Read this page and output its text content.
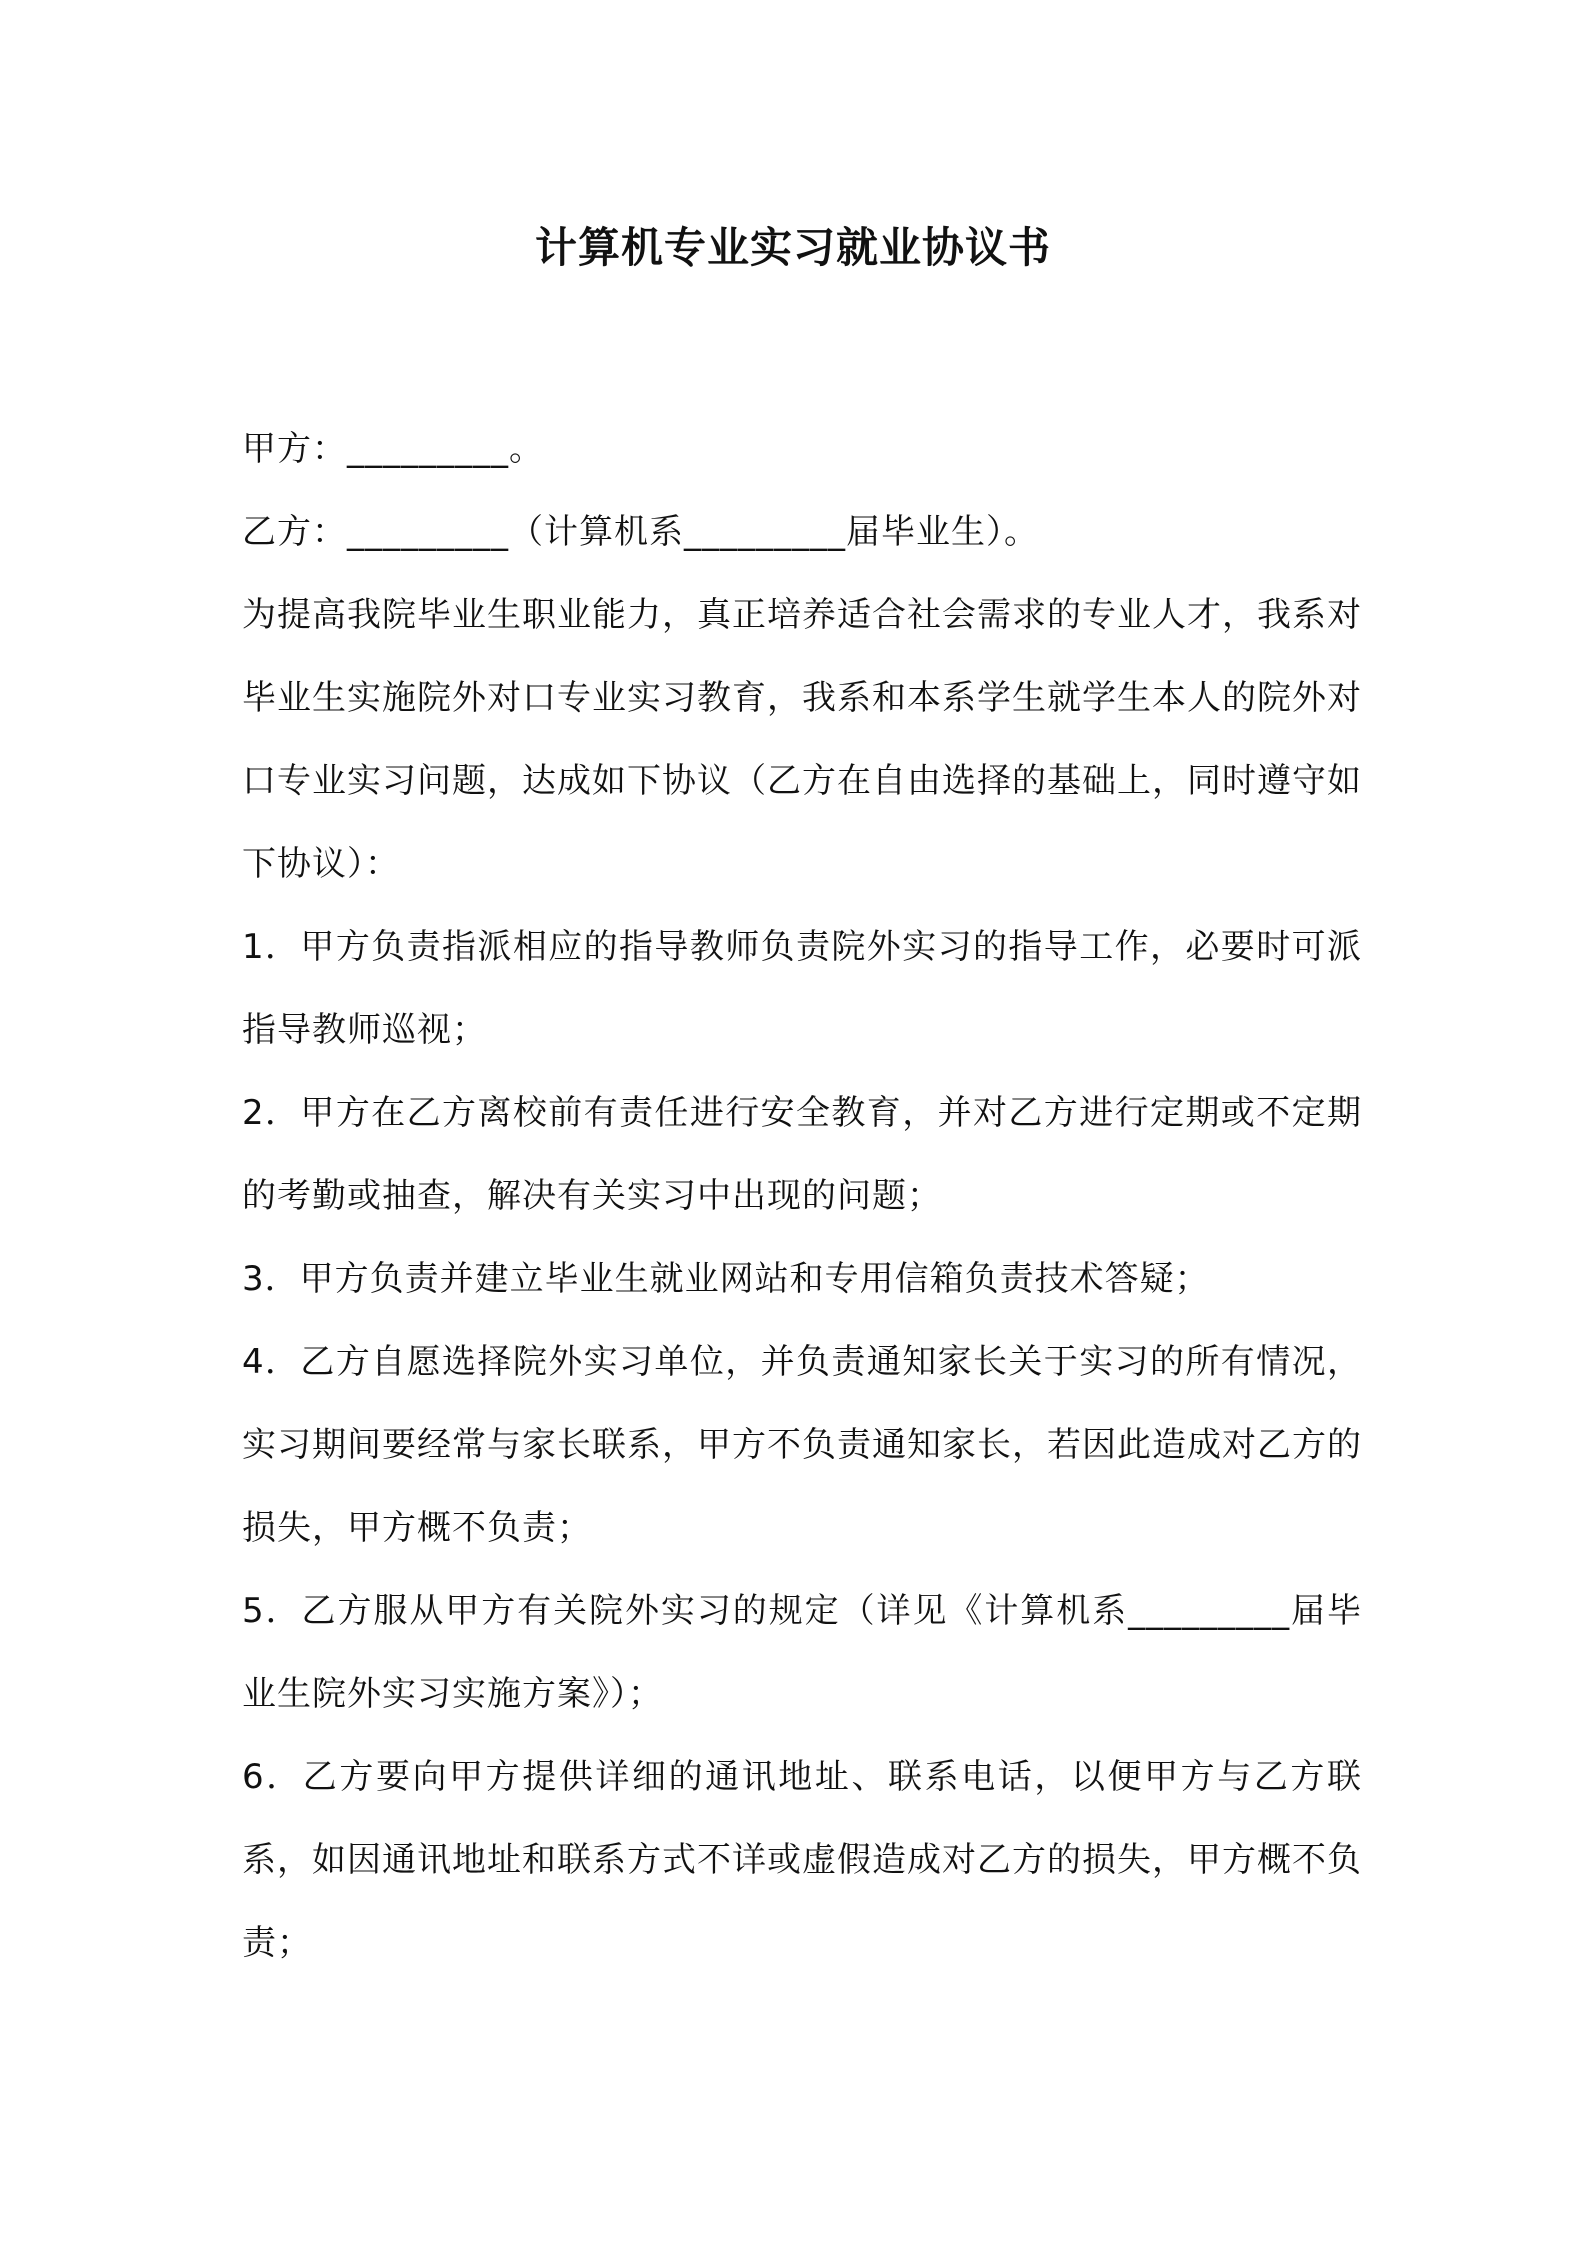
计算机专业实习就业协议书

甲方：_________。

乙方：_________（计算机系_________届毕业生）。

为提高我院毕业生职业能力，真正培养适合社会需求的专业人才，我系对毕业生实施院外对口专业实习教育，我系和本系学生就学生本人的院外对口专业实习问题，达成如下协议（乙方在自由选择的基础上，同时遵守如下协议）：

1．甲方负责指派相应的指导教师负责院外实习的指导工作，必要时可派指导教师巡视；

2．甲方在乙方离校前有责任进行安全教育，并对乙方进行定期或不定期的考勤或抽查，解决有关实习中出现的问题；

3．甲方负责并建立毕业生就业网站和专用信箱负责技术答疑；

4．乙方自愿选择院外实习单位，并负责通知家长关于实习的所有情况，实习期间要经常与家长联系，甲方不负责通知家长，若因此造成对乙方的损失，甲方概不负责；

5．乙方服从甲方有关院外实习的规定（详见《计算机系_________届毕业生院外实习实施方案》）；

6．乙方要向甲方提供详细的通讯地址、联系电话，以便甲方与乙方联系，如因通讯地址和联系方式不详或虚假造成对乙方的损失，甲方概不负责；
